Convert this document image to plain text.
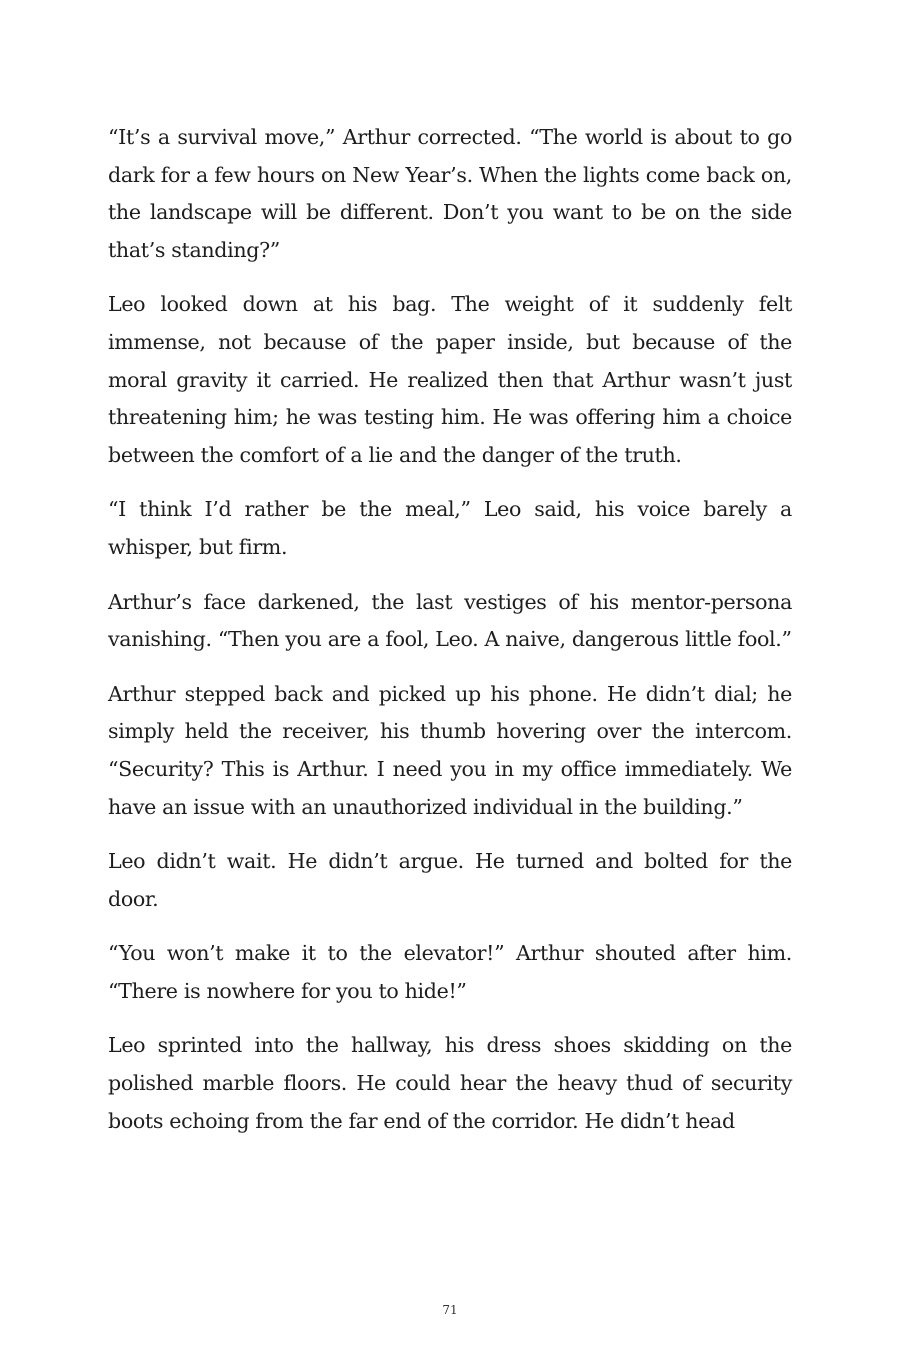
“It’s a survival move,” Arthur corrected. “The world is about to go dark for a few hours on New Year’s. When the lights come back on, the landscape will be different. Don’t you want to be on the side that’s standing?”

Leo looked down at his bag. The weight of it suddenly felt immense, not because of the paper inside, but because of the moral gravity it carried. He realized then that Arthur wasn’t just threatening him; he was testing him. He was offering him a choice between the comfort of a lie and the danger of the truth.

“I think I’d rather be the meal,” Leo said, his voice barely a whisper, but firm.

Arthur’s face darkened, the last vestiges of his mentor-persona vanishing. “Then you are a fool, Leo. A naive, dangerous little fool.”

Arthur stepped back and picked up his phone. He didn’t dial; he simply held the receiver, his thumb hovering over the intercom. “Security? This is Arthur. I need you in my office immediately. We have an issue with an unauthorized individual in the building.”

Leo didn’t wait. He didn’t argue. He turned and bolted for the door.

“You won’t make it to the elevator!” Arthur shouted after him. “There is nowhere for you to hide!”

Leo sprinted into the hallway, his dress shoes skidding on the polished marble floors. He could hear the heavy thud of security boots echoing from the far end of the corridor. He didn’t head

71
